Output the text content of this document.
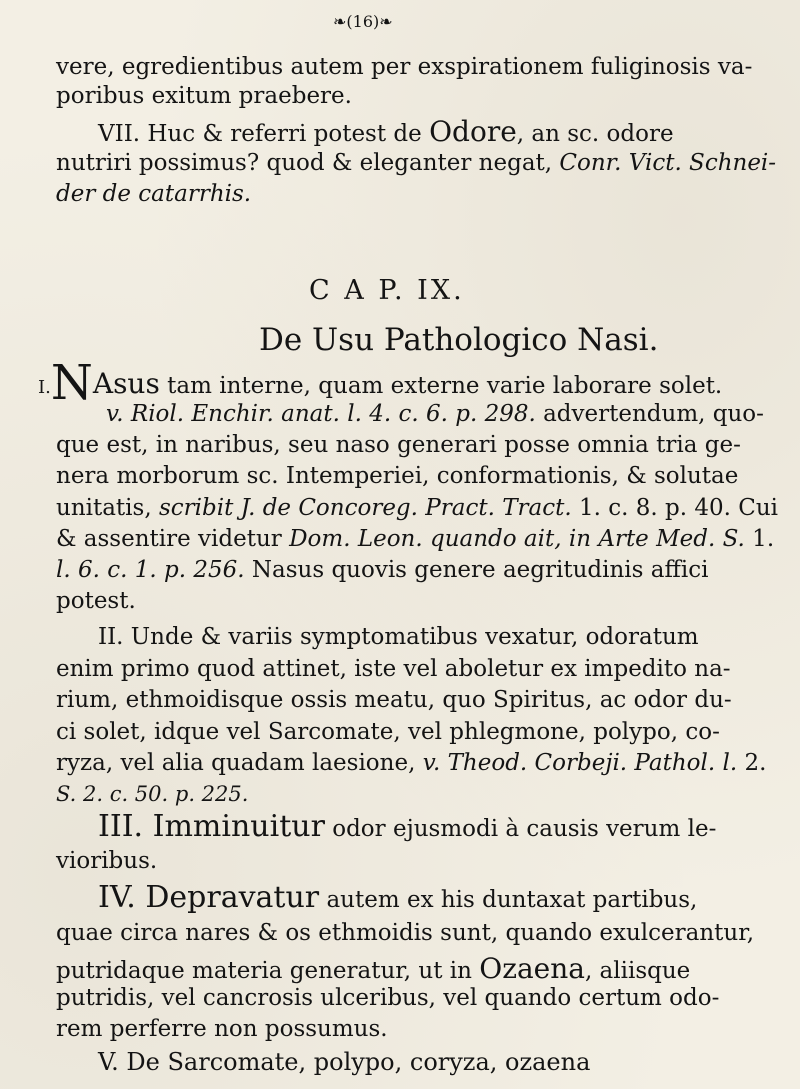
❧(16)❧
vere, egredientibus autem per exspirationem fuliginosis va-
poribus exitum praebere.
VII. Huc & referri potest de Odore, an sc. odore
nutriri possimus? quod & eleganter negat, Conr. Vict. Schnei-
der de catarrhis.
C A P. IX.
De Usu Pathologico Nasi.
I.NAsus tam interne, quam externe varie laborare solet.
v. Riol. Enchir. anat. l. 4. c. 6. p. 298. advertendum, quo-
que est, in naribus, seu naso generari posse omnia tria ge-
nera morborum sc. Intemperiei, conformationis, & solutae
unitatis, scribit J. de Concoreg. Pract. Tract. 1. c. 8. p. 40. Cui
& assentire videtur Dom. Leon. quando ait, in Arte Med. S. 1.
l. 6. c. 1. p. 256. Nasus quovis genere aegritudinis affici
potest.
II. Unde & variis symptomatibus vexatur, odoratum
enim primo quod attinet, iste vel aboletur ex impedito na-
rium, ethmoidisque ossis meatu, quo Spiritus, ac odor du-
ci solet, idque vel Sarcomate, vel phlegmone, polypo, co-
ryza, vel alia quadam laesione, v. Theod. Corbeji. Pathol. l. 2.
S. 2. c. 50. p. 225.
III. Imminuitur odor ejusmodi à causis verum le-
vioribus.
IV. Depravatur autem ex his duntaxat partibus,
quae circa nares & os ethmoidis sunt, quando exulcerantur,
putridaque materia generatur, ut in Ozaena, aliisque
putridis, vel cancrosis ulceribus, vel quando certum odo-
rem perferre non possumus.
V. De Sarcomate, polypo, coryza, ozaena
